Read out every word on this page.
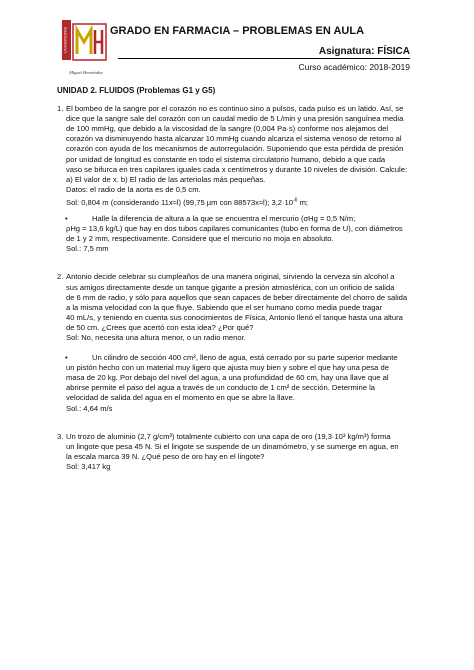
UNIVERSITAS
Miguel Hernández
GRADO EN FARMACIA – PROBLEMAS EN AULA
Asignatura: FÍSICA
Curso académico: 2018-2019
UNIDAD 2. FLUIDOS (Problemas G1 y G5)
1. El bombeo de la sangre por el corazón no es continuo sino a pulsos, cada pulso es un latido. Así, se

dice que la sangre sale del corazón con un caudal medio de 5 L/min y una presión sanguínea media

de 100 mmHg, que debido a la viscosidad de la sangre (0,004 Pa·s) conforme nos alejamos del

corazón va disminuyendo hasta alcanzar 10 mmHg cuando alcanza el sistema venoso de retorno al

corazón con ayuda de los mecanismos de autorregulación. Suponiendo que esta pérdida de presión

por unidad de longitud es constante en todo el sistema circulatorio humano, debido a que cada

vaso se bifurca en tres capilares iguales cada x centímetros y durante 10 niveles de división. Calcule:

a) El valor de x. b) El radio de las arteriolas más pequeñas.

Datos: el radio de la aorta es de 0,5 cm.

Sol: 0,804 m (considerando 11x≈l) (99,75 µm con 88573x≈l); $3,2\cdot 10^{-6}$ m;

•	Halle la diferencia de altura a la que se encuentra el mercurio (σHg = 0,5 N/m;

ρHg = 13,6 kg/L) que hay en dos tubos capilares comunicantes (tubo en forma de U), con diámetros

de 1 y 2 mm, respectivamente. Considere que el mercurio no moja en absoluto.

Sol.: 7,5 mm

2. Antonio decide celebrar su cumpleaños de una manera original, sirviendo la cerveza sin alcohol a

sus amigos directamente desde un tanque gigante a presión atmosférica, con un orificio de salida

de 6 mm de radio, y sólo para aquellos que sean capaces de beber directamente del chorro de salida

a la misma velocidad con la que fluye. Sabiendo que el ser humano como media puede tragar

40 mL/s, y teniendo en cuenta sus conocimientos de Física, Antonio llenó el tanque hasta una altura

de 50 cm. ¿Crees que acertó con esta idea? ¿Por qué?

Sol: No, necesita una altura menor, o un radio menor.

•	Un cilindro de sección 400 cm², lleno de agua, está cerrado por su parte superior mediante

un pistón hecho con un material muy ligero que ajusta muy bien y sobre el que hay una pesa de

masa de 20 kg. Por debajo del nivel del agua, a una profundidad de 60 cm, hay una llave que al

abrirse permite el paso del agua a través de un conducto de 1 cm² de sección. Determine la

velocidad de salida del agua en el momento en que se abre la llave.

Sol.: 4,64 m/s

3. Un trozo de aluminio (2,7 g/cm³) totalmente cubierto con una capa de oro (19,3·10³ kg/m³) forma

un lingote que pesa 45 N. Si el lingote se suspende de un dinamómetro, y se sumerge en agua, en

la escala marca 39 N. ¿Qué peso de oro hay en el lingote?

Sol: 3,417 kg
